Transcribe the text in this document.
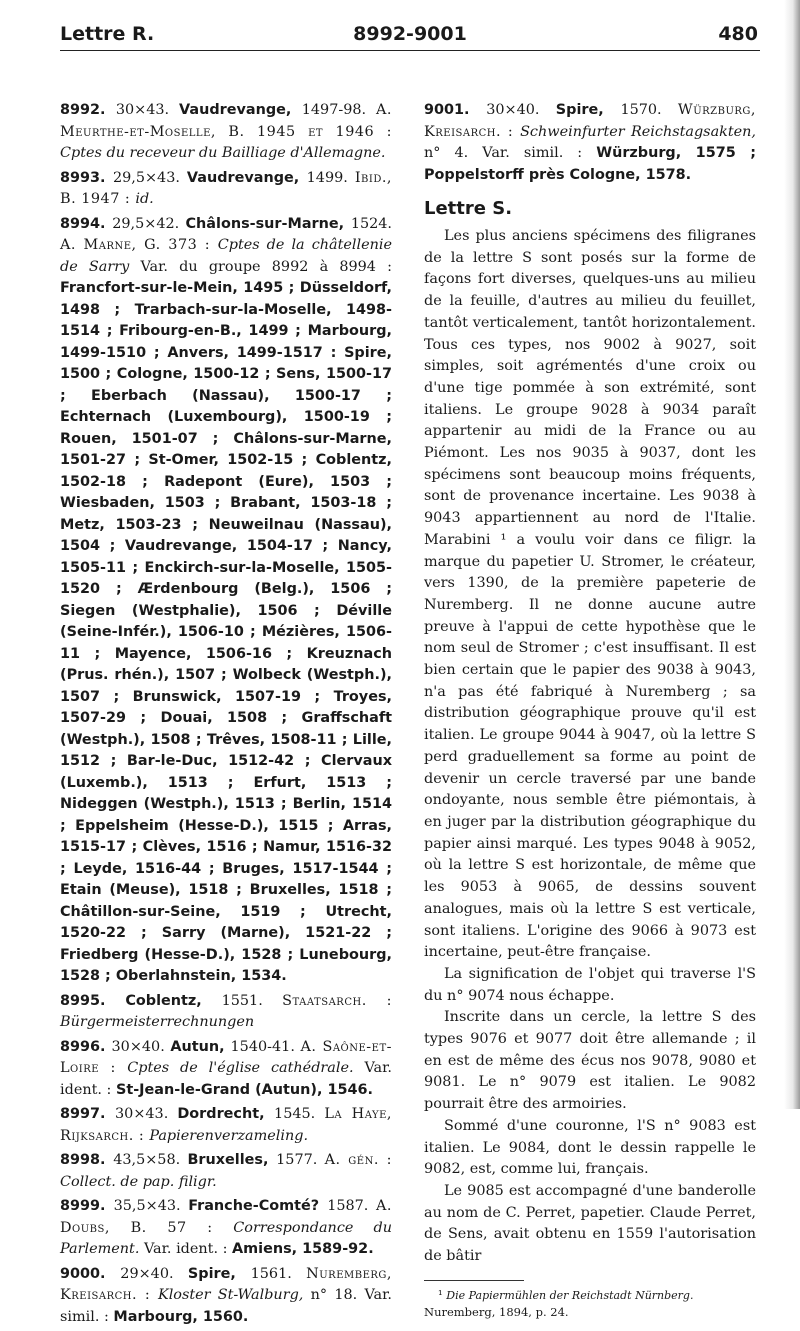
Lettre R.	8992-9001	480

8992. 30×43. Vaudrevange, 1497-98. A. Meurthe-et-Moselle, B. 1945 et 1946 : Cptes du receveur du Bailliage d'Allemagne.

8993. 29,5×43. Vaudrevange, 1499. Ibid., B. 1947 : id.

8994. 29,5×42. Châlons-sur-Marne, 1524. A. Marne, G. 373 : Cptes de la châtellenie de Sarry Var. du groupe 8992 à 8994 : Francfort-sur-le-Mein, 1495 ; Düsseldorf, 1498 ; Trarbach-sur-la-Moselle, 1498-1514 ; Fribourg-en-B., 1499 ; Marbourg, 1499-1510 ; Anvers, 1499-1517 : Spire, 1500 ; Cologne, 1500-12 ; Sens, 1500-17 ; Eberbach (Nassau), 1500-17 ; Echternach (Luxembourg), 1500-19 ; Rouen, 1501-07 ; Châlons-sur-Marne, 1501-27 ; St-Omer, 1502-15 ; Coblentz, 1502-18 ; Radepont (Eure), 1503 ; Wiesbaden, 1503 ; Brabant, 1503-18 ; Metz, 1503-23 ; Neuweilnau (Nassau), 1504 ; Vaudrevange, 1504-17 ; Nancy, 1505-11 ; Enckirch-sur-la-Moselle, 1505-1520 ; Ærdenbourg (Belg.), 1506 ; Siegen (Westphalie), 1506 ; Déville (Seine-Infér.), 1506-10 ; Mézières, 1506-11 ; Mayence, 1506-16 ; Kreuznach (Prus. rhén.), 1507 ; Wolbeck (Westph.), 1507 ; Brunswick, 1507-19 ; Troyes, 1507-29 ; Douai, 1508 ; Graffschaft (Westph.), 1508 ; Trêves, 1508-11 ; Lille, 1512 ; Bar-le-Duc, 1512-42 ; Clervaux (Luxemb.), 1513 ; Erfurt, 1513 ; Nideggen (Westph.), 1513 ; Berlin, 1514 ; Eppelsheim (Hesse-D.), 1515 ; Arras, 1515-17 ; Clèves, 1516 ; Namur, 1516-32 ; Leyde, 1516-44 ; Bruges, 1517-1544 ; Etain (Meuse), 1518 ; Bruxelles, 1518 ; Châtillon-sur-Seine, 1519 ; Utrecht, 1520-22 ; Sarry (Marne), 1521-22 ; Friedberg (Hesse-D.), 1528 ; Lunebourg, 1528 ; Oberlahnstein, 1534.

8995. Coblentz, 1551. Staatsarch. : Bürgermeisterrechnungen

8996. 30×40. Autun, 1540-41. A. Saône-et-Loire : Cptes de l'église cathédrale. Var. ident. : St-Jean-le-Grand (Autun), 1546.

8997. 30×43. Dordrecht, 1545. La Haye, Rijksarch. : Papierenverzameling.

8998. 43,5×58. Bruxelles, 1577. A. gén. : Collect. de pap. filigr.

8999. 35,5×43. Franche-Comté? 1587. A. Doubs, B. 57 : Correspondance du Parlement. Var. ident. : Amiens, 1589-92.

9000. 29×40. Spire, 1561. Nuremberg, Kreisarch. : Kloster St-Walburg, n° 18. Var. simil. : Marbourg, 1560.

9001. 30×40. Spire, 1570. Würzburg, Kreisarch. : Schweinfurter Reichstagsakten, n° 4. Var. simil. : Würzburg, 1575 ; Poppelstorff près Cologne, 1578.

Lettre S.

Les plus anciens spécimens des filigranes de la lettre S sont posés sur la forme de façons fort diverses, quelques-uns au milieu de la feuille, d'autres au milieu du feuillet, tantôt verticalement, tantôt horizontalement. Tous ces types, nos 9002 à 9027, soit simples, soit agrémentés d'une croix ou d'une tige pommée à son extrémité, sont italiens. Le groupe 9028 à 9034 paraît appartenir au midi de la France ou au Piémont. Les nos 9035 à 9037, dont les spécimens sont beaucoup moins fréquents, sont de provenance incertaine. Les 9038 à 9043 appartiennent au nord de l'Italie. Marabini ¹ a voulu voir dans ce filigr. la marque du papetier U. Stromer, le créateur, vers 1390, de la première papeterie de Nuremberg. Il ne donne aucune autre preuve à l'appui de cette hypothèse que le nom seul de Stromer ; c'est insuffisant. Il est bien certain que le papier des 9038 à 9043, n'a pas été fabriqué à Nuremberg ; sa distribution géographique prouve qu'il est italien. Le groupe 9044 à 9047, où la lettre S perd graduellement sa forme au point de devenir un cercle traversé par une bande ondoyante, nous semble être piémontais, à en juger par la distribution géographique du papier ainsi marqué. Les types 9048 à 9052, où la lettre S est horizontale, de même que les 9053 à 9065, de dessins souvent analogues, mais où la lettre S est verticale, sont italiens. L'origine des 9066 à 9073 est incertaine, peut-être française.

La signification de l'objet qui traverse l'S du n° 9074 nous échappe.

Inscrite dans un cercle, la lettre S des types 9076 et 9077 doit être allemande ; il en est de même des écus nos 9078, 9080 et 9081. Le n° 9079 est italien. Le 9082 pourrait être des armoiries.

Sommé d'une couronne, l'S n° 9083 est italien. Le 9084, dont le dessin rappelle le 9082, est, comme lui, français.

Le 9085 est accompagné d'une banderolle au nom de C. Perret, papetier. Claude Perret, de Sens, avait obtenu en 1559 l'autorisation de bâtir

¹ Die Papiermühlen der Reichstadt Nürnberg. Nuremberg, 1894, p. 24.
